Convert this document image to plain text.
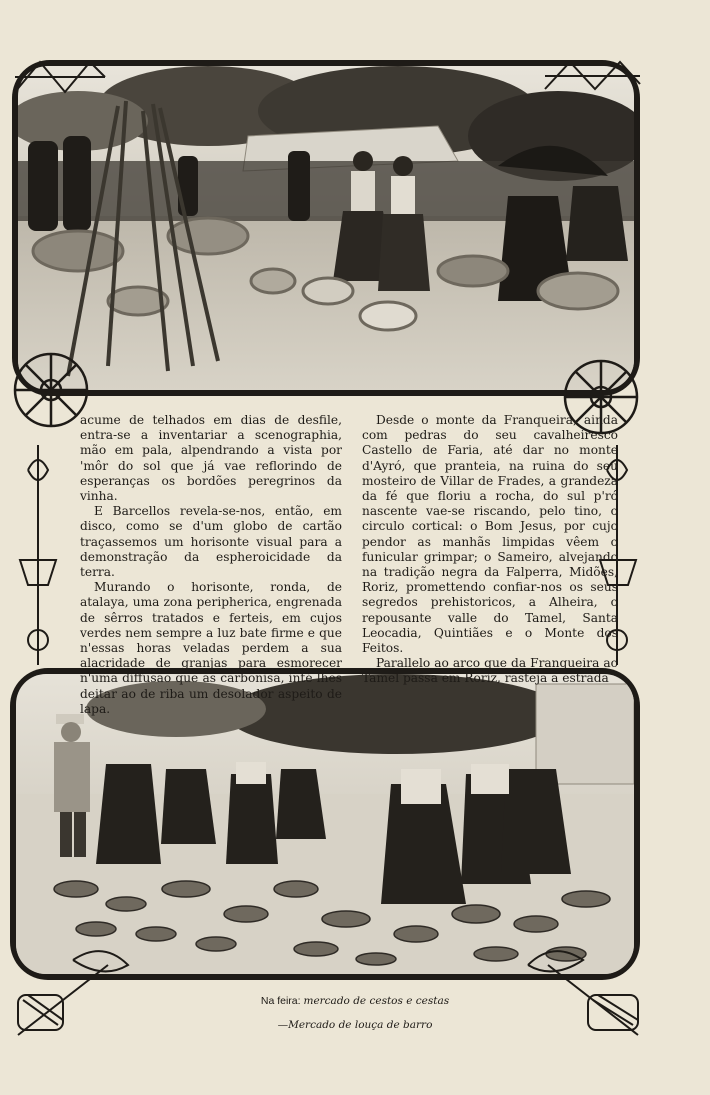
acume de telhados em dias de desfile, entra-se a inventariar a scenographia, mão em pala, alpendrando a vista por 'môr do sol que já vae reflorindo de esperanças os bordões peregrinos da vinha.

E Barcellos revela-se-nos, então, em disco, como se d'um globo de cartão traçassemos um horisonte visual para a demonstração da espheroicidade da terra.

Murando o horisonte, ronda, de atalaya, uma zona peripherica, engrenada de sêrros tratados e ferteis, em cujos verdes nem sempre a luz bate firme e que n'essas horas veladas perdem a sua alacridade de granjas para esmorecer n'uma diffusão que as carbonisa, inté lhes deitar ao de riba um desolador aspeito de lapa.

Desde o monte da Franqueira, ainda com pedras do seu cavalheiresco Castello de Faria, até dar no monte d'Ayró, que pranteia, na ruina do seu mosteiro de Villar de Frades, a grandeza da fé que floriu a rocha, do sul p'ró nascente vae-se riscando, pelo tino, o circulo cortical: o Bom Jesus, por cujo pendor as manhãs limpidas vêem o funicular grimpar; o Sameiro, alvejando na tradição negra da Falperra, Midões, Roriz, promettendo confiar-nos os seus segredos prehistoricos, a Alheira, o repousante valle do Tamel, Santa Leocadia, Quintiães e o Monte dos Feitos.

Parallelo ao arco que da Franqueira ao Tamel passa em Roriz, rasteja a estrada

Na feira: mercado de cestos e cestas
—Mercado de louça de barro
